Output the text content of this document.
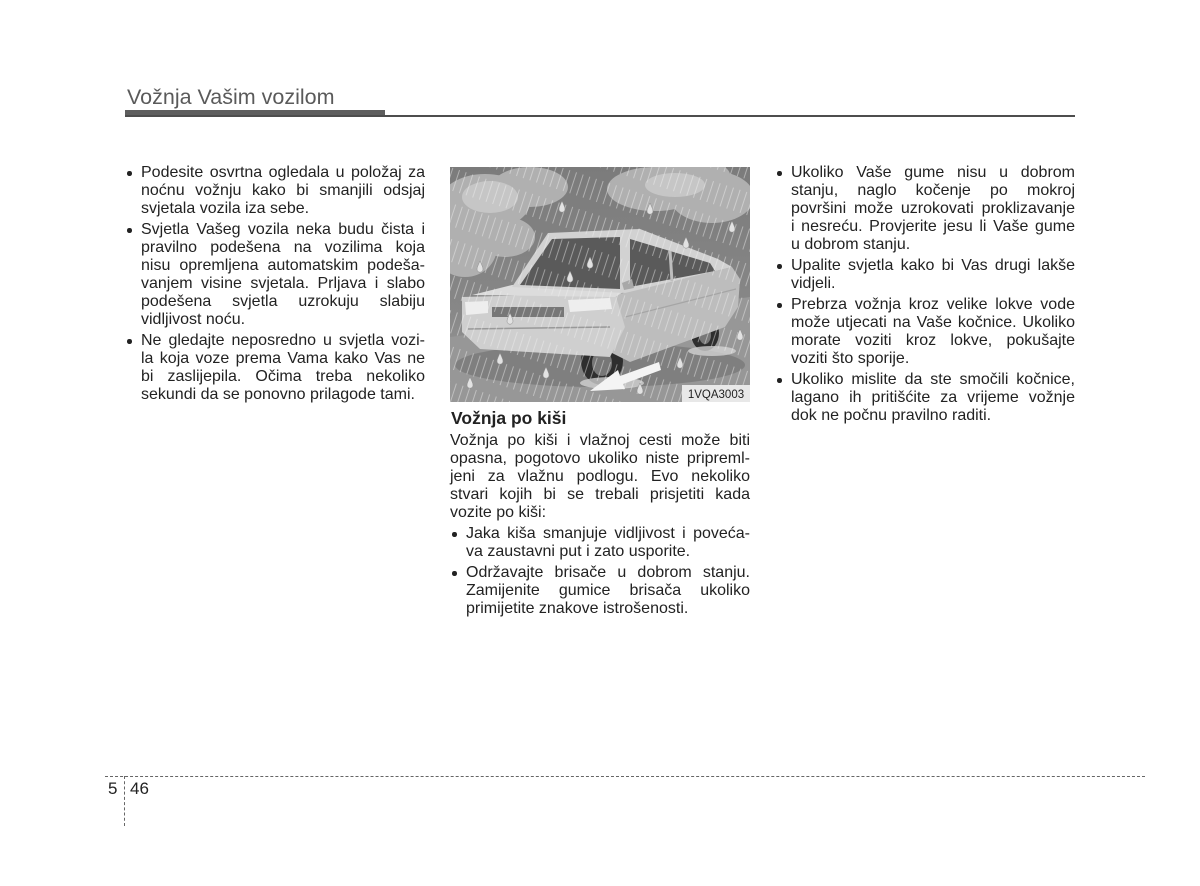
Vožnja Vašim vozilom
Podesite osvrtna ogledala u položaj za
noćnu vožnju kako bi smanjili odsjaj
svjetala vozila iza sebe.
Svjetla Vašeg vozila neka budu čista i
pravilno podešena na vozilima koja
nisu opremljena automatskim podeša-
vanjem visine svjetala. Prljava i slabo
podešena svjetla uzrokuju slabiju
vidljivost noću.
Ne gledajte neposredno u svjetla vozi-
la koja voze prema Vama kako Vas ne
bi zaslijepila. Očima treba nekoliko
sekundi da se ponovno prilagode tami.	1VQA3003
Vožnja po kiši
Vožnja po kiši i vlažnoj cesti može biti
opasna, pogotovo ukoliko niste pripreml-
jeni za vlažnu podlogu. Evo nekoliko
stvari kojih bi se trebali prisjetiti kada
vozite po kiši:
Jaka kiša smanjuje vidljivost i poveća-
va zaustavni put i zato usporite.
Održavajte brisače u dobrom stanju.
Zamijenite gumice brisača ukoliko
primijetite znakove istrošenosti.
Ukoliko Vaše gume nisu u dobrom
stanju, naglo kočenje po mokroj
površini može uzrokovati proklizavanje
i nesreću. Provjerite jesu li Vaše gume
u dobrom stanju.
Upalite svjetla kako bi Vas drugi lakše
vidjeli.
Prebrza vožnja kroz velike lokve vode
može utjecati na Vaše kočnice. Ukoliko
morate voziti kroz lokve, pokušajte
voziti što sporije.
Ukoliko mislite da ste smočili kočnice,
lagano ih pritišćite za vrijeme vožnje
dok ne počnu pravilno raditi.
5 46
